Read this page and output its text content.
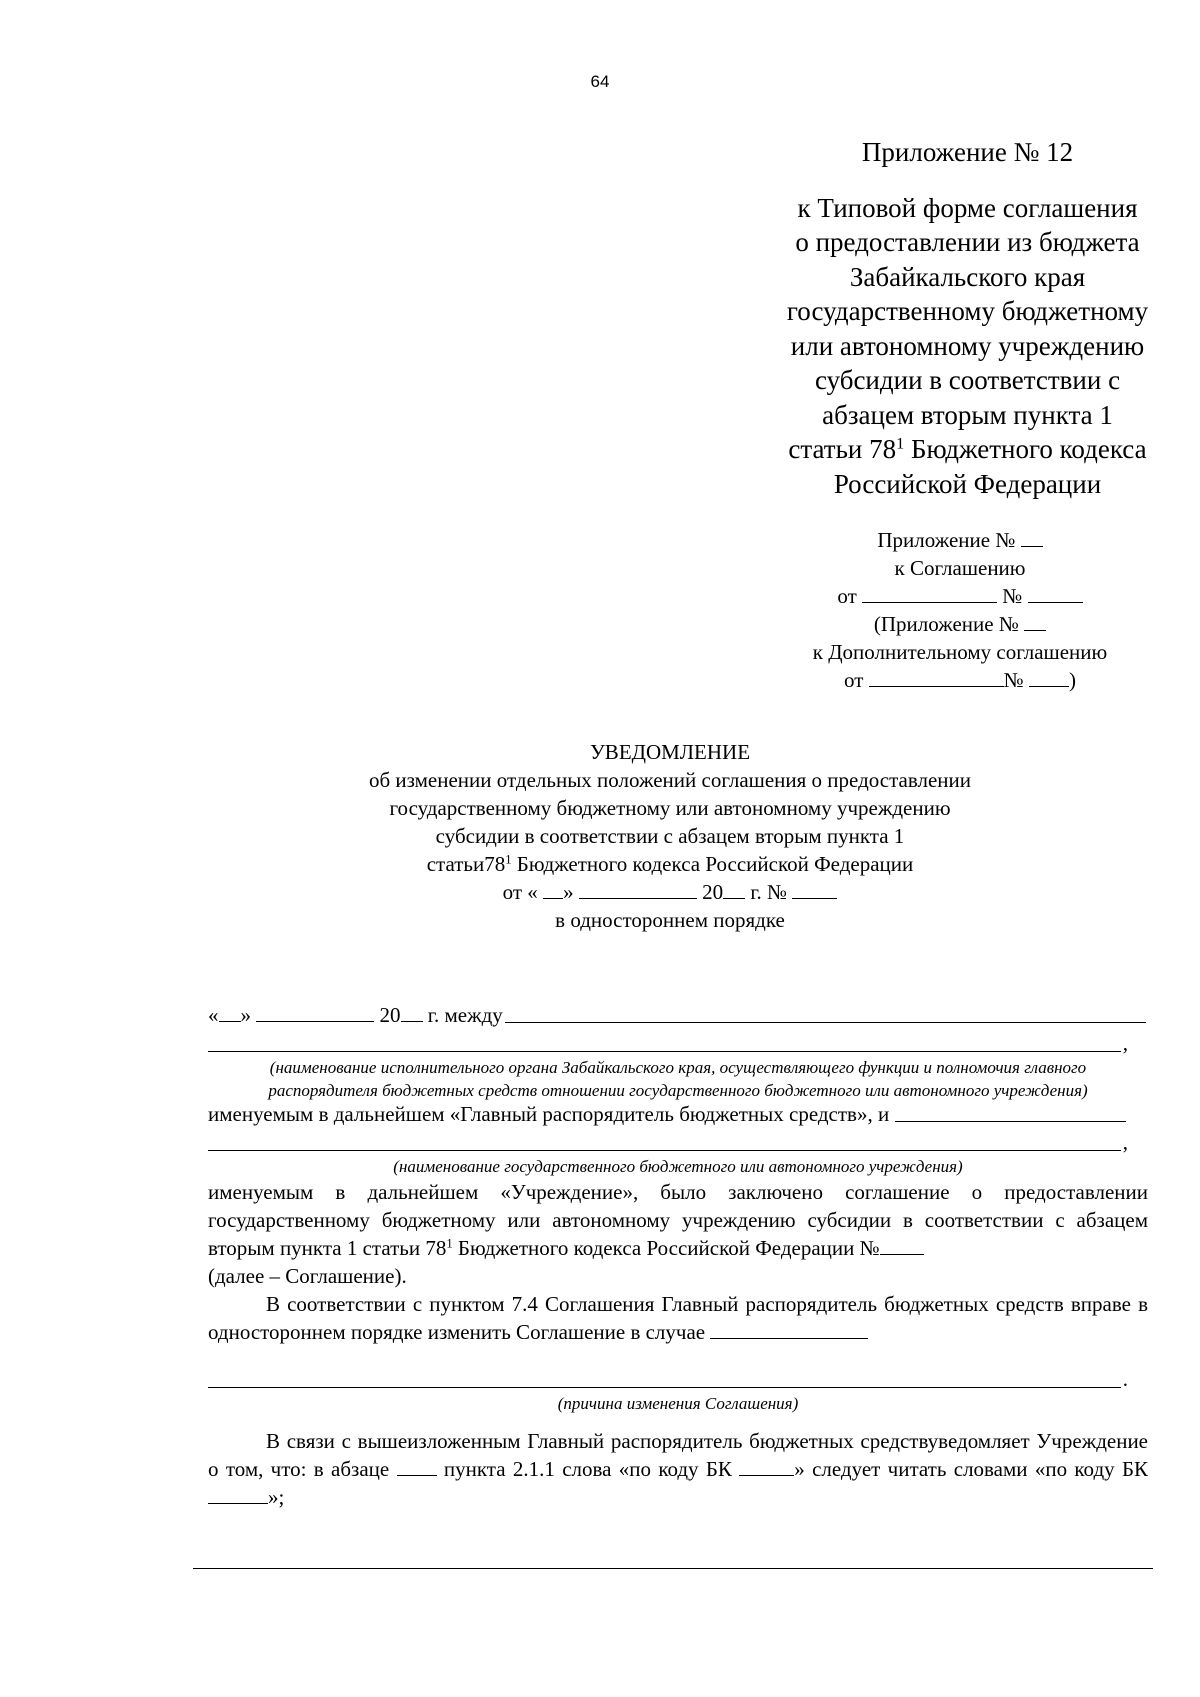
64
Приложение № 12
к Типовой форме соглашения
о предоставлении из бюджета
Забайкальского края
государственному бюджетному
или автономному учреждению
субсидии в соответствии с
абзацем вторым пункта 1
статьи $78^1$ Бюджетного кодекса
Российской Федерации
Приложение №
к Соглашению
от	№
(Приложение №
к Дополнительному соглашению
от	№ )
УВЕДОМЛЕНИЕ
об изменении отдельных положений соглашения о предоставлении
государственному бюджетному или автономному учреждению
субсидии в соответствии с абзацем вторым пункта 1
$статьи78^1$ Бюджетного кодекса Российской Федерации
от « »	20 г. №
в одностороннем порядке
« »

	20
г. между
,
(наименование исполнительного органа Забайкальского края, осуществляющего функции и полномочия главного распорядителя бюджетных средств отношении государственного бюджетного или автономного учреждения)
именуемым в дальнейшем «Главный распорядитель бюджетных средств», и
,
(наименование государственного бюджетного или автономного учреждения)
именуемым в дальнейшем «Учреждение», было заключено соглашение о предоставлении государственному бюджетному или автономному учреждению субсидии в соответствии с абзацем вторым пункта 1 статьи $78^1$ Бюджетного кодекса Российской Федерации №
(далее – Соглашение).
В соответствии с пунктом 7.4 Соглашения Главный распорядитель бюджетных средств вправе в одностороннем порядке изменить Соглашение в случае
.
(причина изменения Соглашения)
В связи с вышеизложенным Главный распорядитель бюджетных средствуведомляет Учреждение о том, что: в абзаце	пункта 2.1.1 слова «по коду БК	» следует читать словами «по коду БК »;
